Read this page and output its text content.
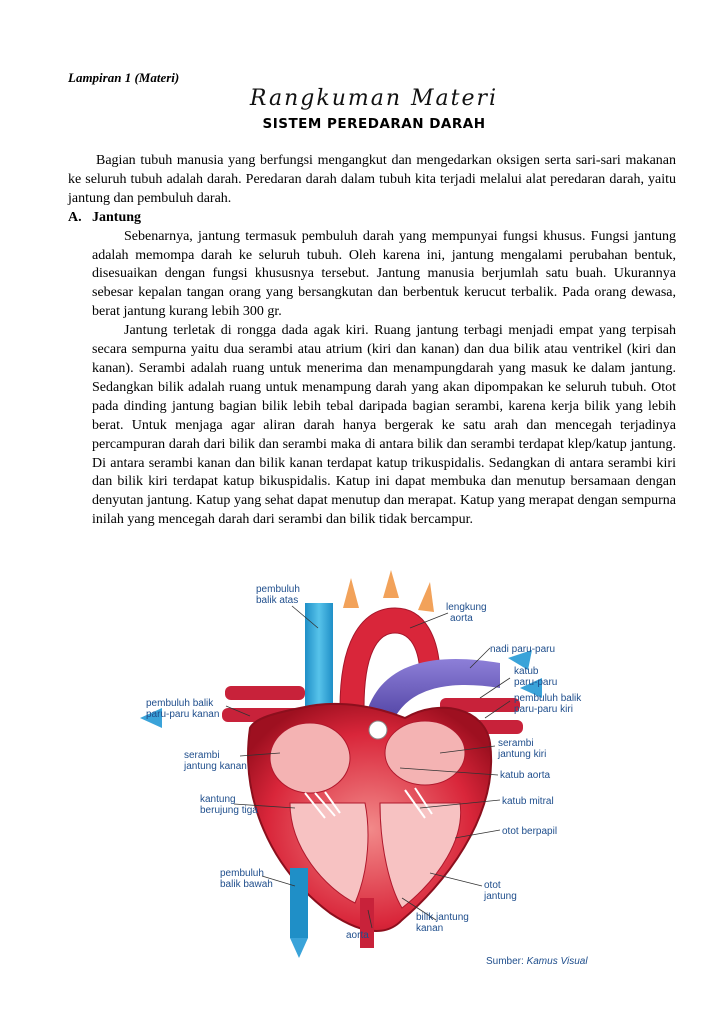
Lampiran 1 (Materi)
Rangkuman Materi
SISTEM PEREDARAN DARAH

Bagian tubuh manusia yang berfungsi mengangkut dan mengedarkan oksigen serta sari-sari makanan ke seluruh tubuh adalah darah. Peredaran darah dalam tubuh kita terjadi melalui alat peredaran darah, yaitu jantung dan pembuluh darah.

A. Jantung

Sebenarnya, jantung termasuk pembuluh darah yang mempunyai fungsi khusus. Fungsi jantung adalah memompa darah ke seluruh tubuh. Oleh karena ini, jantung mengalami perubahan bentuk, disesuaikan dengan fungsi khususnya tersebut. Jantung manusia berjumlah satu buah. Ukurannya sebesar kepalan tangan orang yang bersangkutan dan berbentuk kerucut terbalik. Pada orang dewasa, berat jantung kurang lebih 300 gr.

Jantung terletak di rongga dada agak kiri. Ruang jantung terbagi menjadi empat yang terpisah secara sempurna yaitu dua serambi atau atrium (kiri dan kanan) dan dua bilik atau ventrikel (kiri dan kanan). Serambi adalah ruang untuk menerima dan menampungdarah yang masuk ke dalam jantung. Sedangkan bilik adalah ruang untuk menampung darah yang akan dipompakan ke seluruh tubuh. Otot pada dinding jantung bagian bilik lebih tebal daripada bagian serambi, karena kerja bilik yang lebih berat. Untuk menjaga agar aliran darah hanya bergerak ke satu arah dan mencegah terjadinya percampuran darah dari bilik dan serambi maka di antara bilik dan serambi terdapat klep/katup jantung. Di antara serambi kanan dan bilik kanan terdapat katup trikuspidalis. Sedangkan di antara serambi kiri dan bilik kiri terdapat katup bikuspidalis. Katup ini dapat membuka dan menutup bersamaan dengan denyutan jantung. Katup yang sehat dapat menutup dan merapat. Katup yang merapat dengan sempurna inilah yang mencegah darah dari serambi dan bilik tidak bercampur.

pembuluh
balik atas
lengkung
aorta
nadi paru-paru
katub
paru-paru
pembuluh balik
paru-paru kiri
pembuluh balik
paru-paru kanan
serambi
jantung kiri
serambi
jantung kanan
katub aorta
kantung
berujung tiga
katub mitral
otot berpapil
pembuluh
balik bawah	otot
jantung
bilik jantung
kanan
aorta
Sumber: Kamus Visual
